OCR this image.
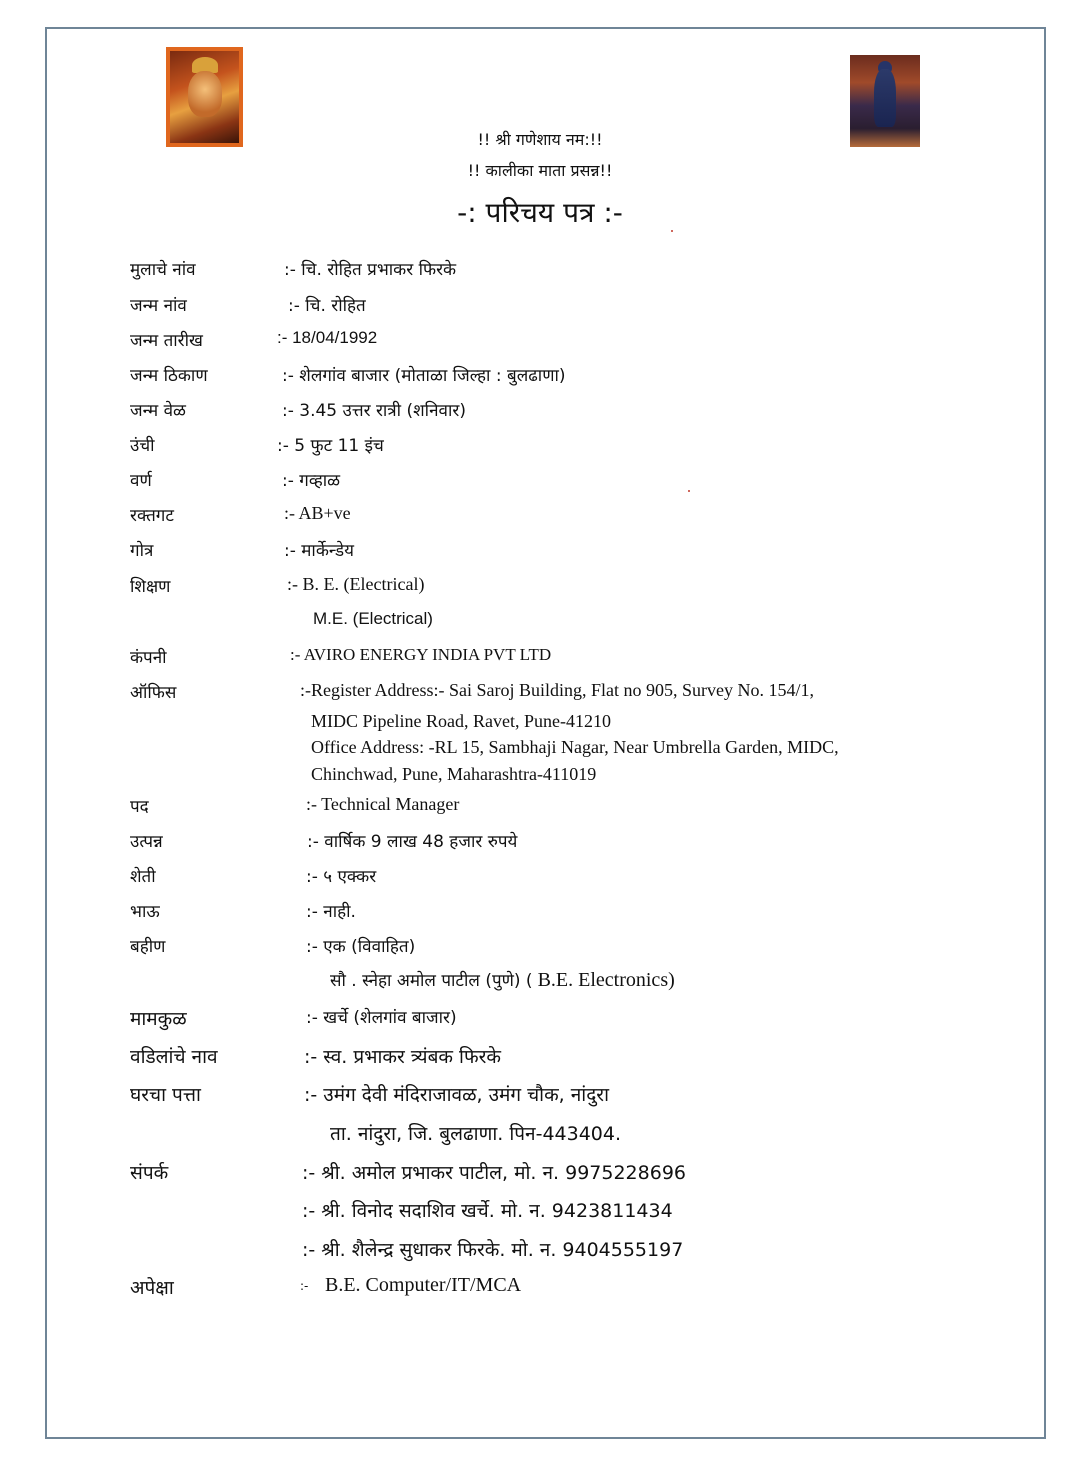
!! श्री गणेशाय नम:!!
!! कालीका माता प्रसन्न!!
-: परिचय पत्र :-
मुलाचे नांव	:- चि. रोहित प्रभाकर फिरके
जन्म नांव	:- चि. रोहित
जन्म तारीख	:- 18/04/1992
जन्म ठिकाण	:- शेलगांव बाजार (मोताळा जिल्हा : बुलढाणा)
जन्म वेळ	:- 3.45 उत्तर रात्री (शनिवार)
उंची	:- 5 फुट 11 इंच
वर्ण	:- गव्हाळ
रक्तगट	:- AB+ve
गोत्र	:- मार्केन्डेय
शिक्षण	:- B. E. (Electrical)
M.E. (Electrical)
कंपनी	:- AVIRO ENERGY INDIA PVT LTD
ऑफिस	:-Register Address:- Sai Saroj Building, Flat no 905, Survey No. 154/1,
MIDC Pipeline Road, Ravet, Pune-41210
Office Address: -RL 15, Sambhaji Nagar, Near Umbrella Garden, MIDC,
Chinchwad, Pune, Maharashtra-411019
पद	:- Technical Manager
उत्पन्न	:- वार्षिक 9 लाख 48 हजार रुपये
शेती	:- ५ एक्कर
भाऊ	:- नाही.
बहीण	:- एक (विवाहित)
सौ . स्नेहा अमोल पाटील (पुणे) ( B.E. Electronics)
मामकुळ	:- खर्चे (शेलगांव बाजार)
वडिलांचे नाव	:- स्व. प्रभाकर त्र्यंबक फिरके
घरचा पत्ता	:- उमंग देवी मंदिराजावळ, उमंग चौक, नांदुरा
ता. नांदुरा, जि. बुलढाणा. पिन-443404.
संपर्क	:- श्री. अमोल प्रभाकर पाटील, मो. न. 9975228696
:- श्री. विनोद सदाशिव खर्चे. मो. न. 9423811434
:- श्री. शैलेन्द्र सुधाकर फिरके. मो. न. 9404555197
अपेक्षा	:- B.E. Computer/IT/MCA
